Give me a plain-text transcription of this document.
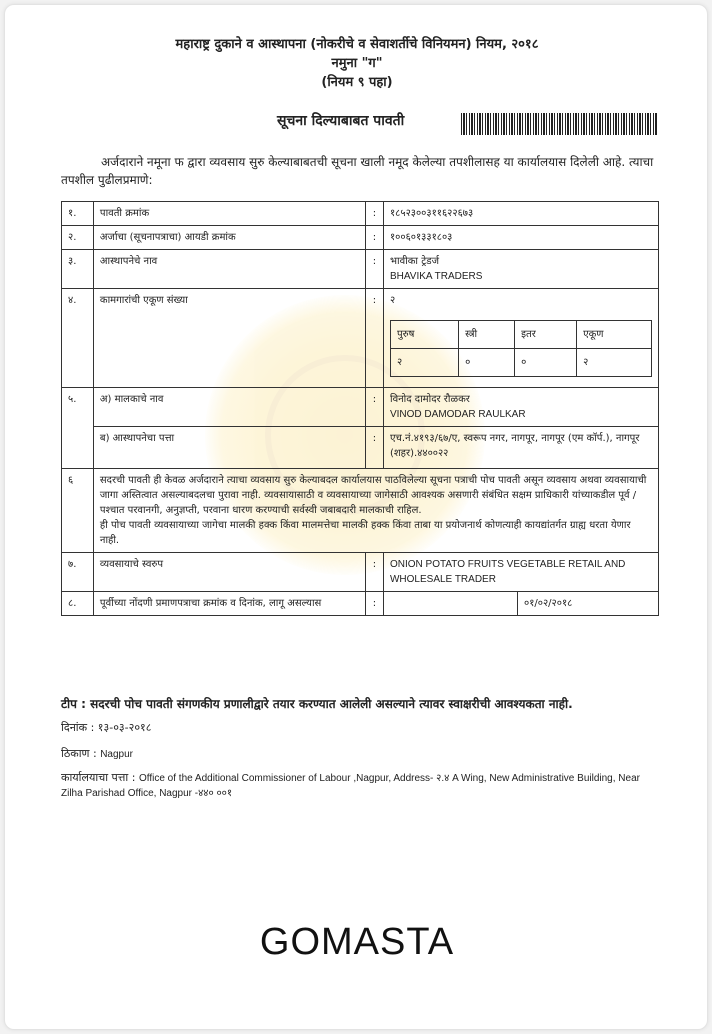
महाराष्ट्र दुकाने व आस्थापना (नोकरीचे व सेवाशर्तीचे विनियमन) नियम, २०१८
नमुना "ग"
(नियम ९ पहा)
सूचना दिल्याबाबत पावती
अर्जदाराने नमूना फ द्वारा व्यवसाय सुरु केल्याबाबतची सूचना खाली नमूद केलेल्या तपशीलासह या कार्यालयास दिलेली आहे. त्याचा तपशील पुढीलप्रमाणे:
१.	पावती क्रमांक	:	१८५२३००३११६२२६७३
२.	अर्जाचा (सूचनापत्राचा) आयडी क्रमांक	:	१००६०१३३१८०३
३.	आस्थापनेचे नाव	:	भावीका ट्रेडर्ज
BHAVIKA TRADERS

४.	कामगारांची एकूण संख्या	:	२
पुरुष	स्त्री	इतर	एकूण
२	०	०	२

५.	अ) मालकाचे नाव	:	विनोद दामोदर रौळकर
VINOD DAMODAR RAULKAR

ब) आस्थापनेचा पत्ता	:	एच.नं.४१९३/६७/ए, स्वरूप नगर, नागपूर, नागपूर (एम कॉर्प.), नागपूर (शहर).४४००२२
६	सदरची पावती ही केवळ अर्जदाराने त्याचा व्यवसाय सुरु केल्याबदल कार्यालयास पाठविलेल्या सूचना पत्राची पोच पावती असून व्यवसाय अथवा व्यवसायाची जागा अस्तित्वात असल्याबदलचा पुरावा नाही. व्यवसायासाठी व व्यवसायाच्या जागेसाठी आवश्यक असणारी संबंधित सक्षम प्राधिकारी यांच्याकडील पूर्व / पश्चात परवानगी, अनुज्ञप्ती, परवाना धारण करण्याची सर्वस्वी जबाबदारी मालकाची राहिल.
ही पोच पावती व्यवसायाच्या जागेचा मालकी हक्क किंवा मालमत्तेचा मालकी हक्क किंवा ताबा या प्रयोजनार्थ कोणत्याही कायद्यांतर्गत ग्राह्य धरता येणार नाही.

७.	व्यवसायाचे स्वरुप	:	ONION POTATO FRUITS VEGETABLE RETAIL AND WHOLESALE TRADER
८.	पूर्वीच्या नोंदणी प्रमाणपत्राचा क्रमांक व दिनांक, लागू असल्यास	:		०१/०२/२०१८
टीप : सदरची पोच पावती संगणकीय प्रणालीद्वारे तयार करण्यात आलेली असल्याने त्यावर स्वाक्षरीची आवश्यकता नाही.
दिनांक : १३-०३-२०१८
ठिकाण : Nagpur
कार्यालयाचा पत्ता : Office of the Additional Commissioner of Labour ,Nagpur, Address- २.४ A Wing, New Administrative Building, Near Zilha Parishad Office, Nagpur -४४० ००१
GOMASTA
